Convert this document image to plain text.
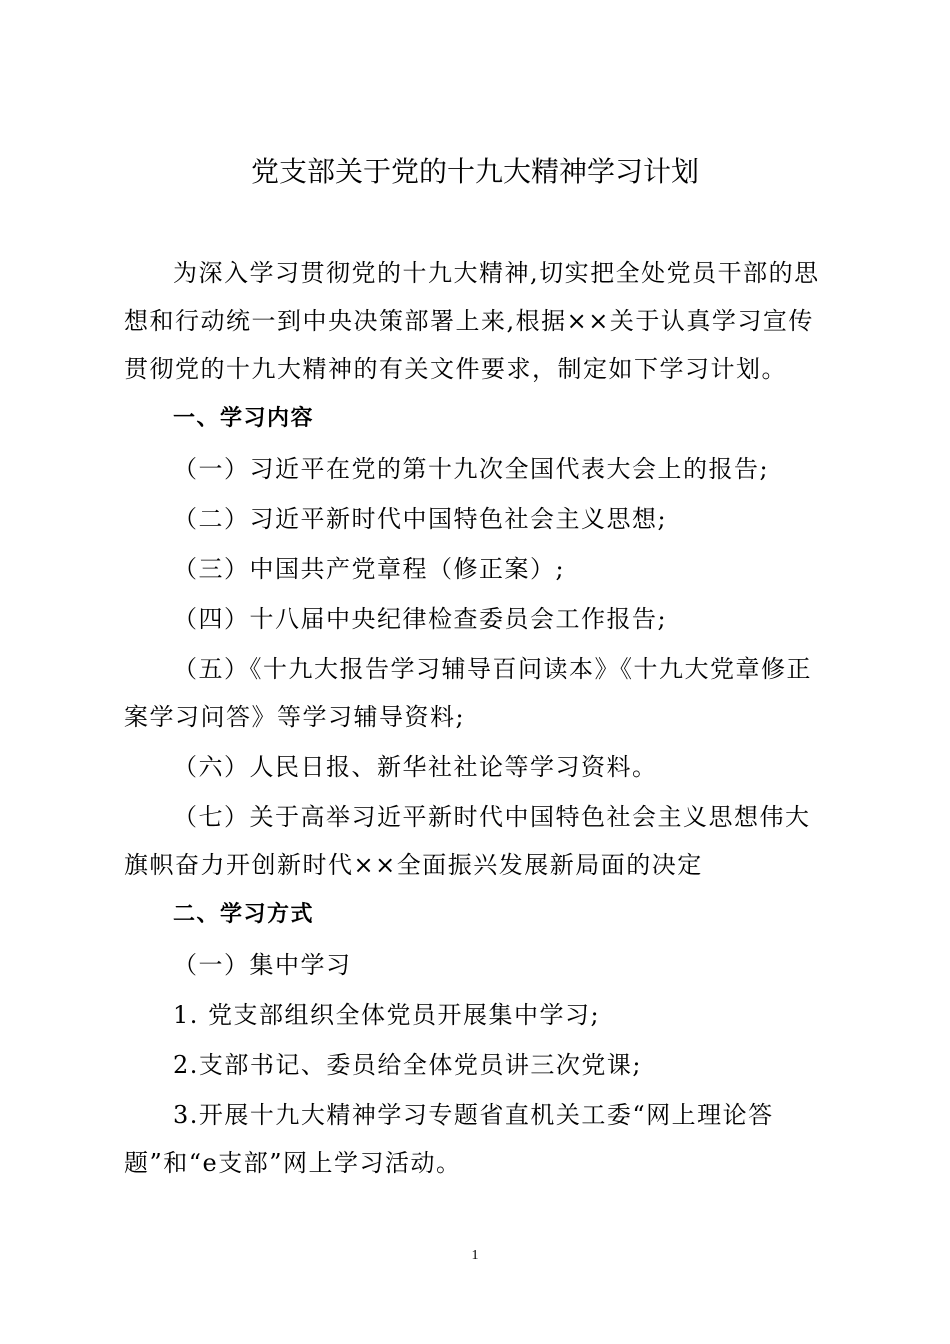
党支部关于党的十九大精神学习计划

为深入学习贯彻党的十九大精神,切实把全处党员干部的思想和行动统一到中央决策部署上来,根据××关于认真学习宣传贯彻党的十九大精神的有关文件要求，制定如下学习计划。

一、学习内容

（一）习近平在党的第十九次全国代表大会上的报告;

（二）习近平新时代中国特色社会主义思想;

（三）中国共产党章程（修正案）;

（四）十八届中央纪律检查委员会工作报告;

（五）《十九大报告学习辅导百问读本》《十九大党章修正案学习问答》等学习辅导资料;

（六）人民日报、新华社社论等学习资料。

（七）关于高举习近平新时代中国特色社会主义思想伟大旗帜奋力开创新时代××全面振兴发展新局面的决定

二、学习方式

（一）集中学习

1. 党支部组织全体党员开展集中学习;

2.支部书记、委员给全体党员讲三次党课;

3.开展十九大精神学习专题省直机关工委“网上理论答题”和“e支部”网上学习活动。

1
